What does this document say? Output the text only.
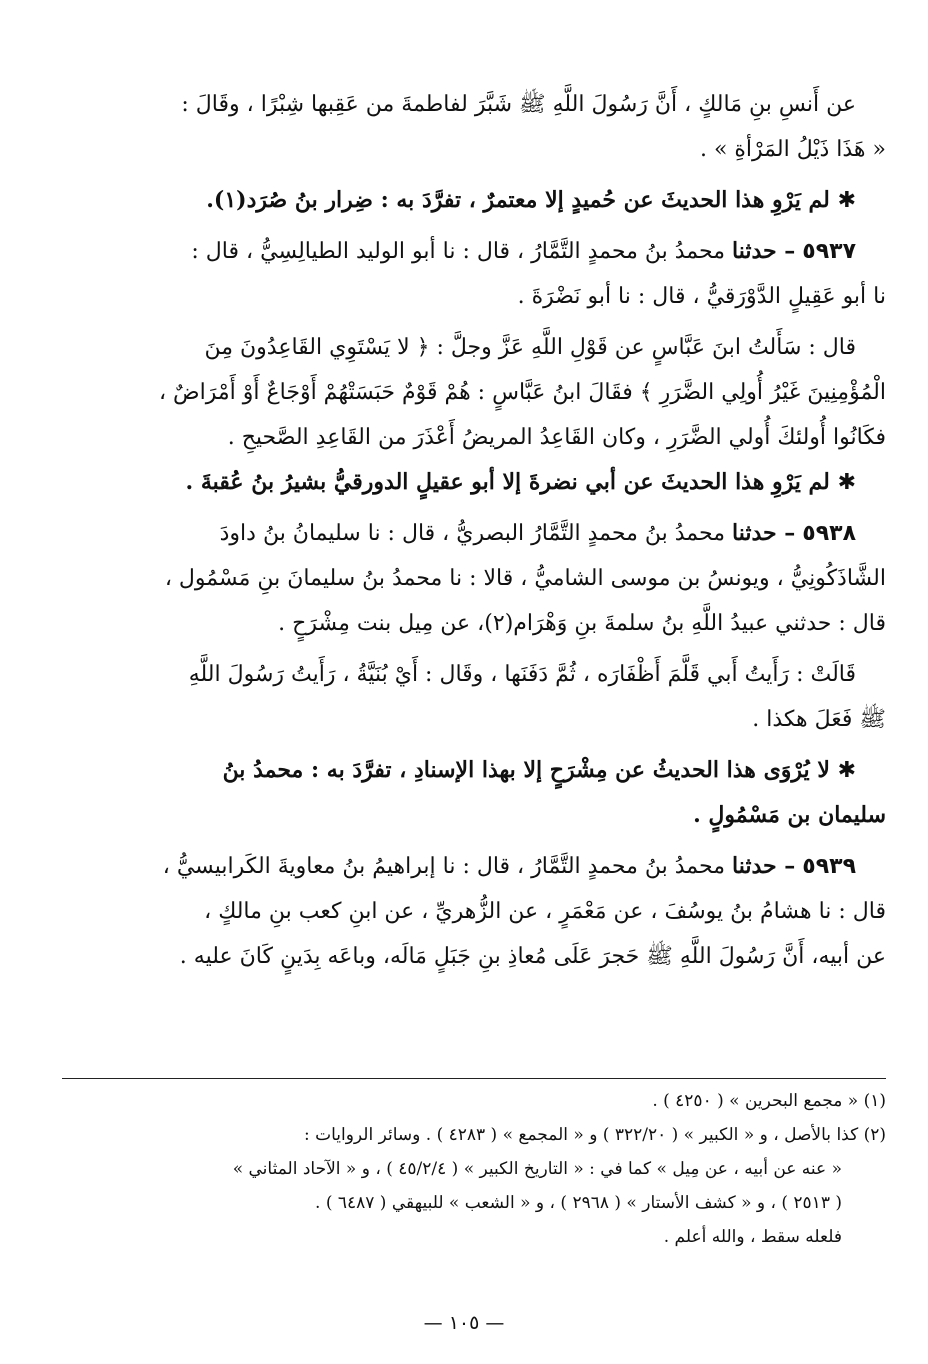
عن أَنسِ بنِ مَالكٍ ، أَنَّ رَسُولَ اللَّهِ ﷺ شَبَّرَ لفاطمةَ من عَقِبها شِبْرًا ، وقَالَ :
« هَذَا ذَيْلُ المَرْأةِ » .
✱ لم يَرْوِ هذا الحديثَ عن حُميدٍ إلا معتمرٌ ، تفرَّدَ به : ضِرار بنُ صُرَد(١).
٥٩٣٧ – حدثنا محمدُ بنُ محمدٍ التَّمَّارُ ، قال : نا أبو الوليد الطيالِسِيُّ ، قال :
نا أبو عَقِيلٍ الدَّوْرَقيُّ ، قال : نا أبو نَضْرَةَ .
قال : سَأَلتُ ابنَ عَبَّاسٍ عن قَوْلِ اللَّهِ عَزَّ وجلَّ : ﴿ لا يَسْتَوِي القَاعِدُونَ مِنَ
الْمُؤْمِنِينَ غَيْرُ أُولِي الضَّرَرِ ﴾ فقَالَ ابنُ عَبَّاسٍ : هُمْ قَوْمٌ حَبَسَتْهُمْ أَوْجَاعٌ أَوْ أَمْرَاضٌ ،
فكَانُوا أُولئكَ أُولي الضَّرَرِ ، وكان القَاعِدُ المريضُ أَعْذَرَ من القَاعِدِ الصَّحيحِ .
✱ لم يَرْوِ هذا الحديثَ عن أبي نضرةَ إلا أبو عقيلٍ الدورقيُّ بشيرُ بنُ عُقبةَ .
٥٩٣٨ – حدثنا محمدُ بنُ محمدٍ التَّمَّارُ البصريُّ ، قال : نا سليمانُ بنُ داودَ
الشَّاذَكُونِيُّ ، ويونسُ بن موسى الشاميُّ ، قالا : نا محمدُ بنُ سليمانَ بنِ مَسْمُول ،
قال : حدثني عبيدُ اللَّهِ بنُ سلمةَ بنِ وَهْرَام(٢)، عن مِيل بنت مِشْرَحٍ .
قَالَتْ : رَأَيتُ أَبي قَلَّمَ أَظْفَارَه ، ثُمَّ دَفَنَها ، وقَال : أَيْ بُنَيَّةُ ، رَأَيتُ رَسُولَ اللَّهِ
ﷺ فَعَلَ هكذا .
✱ لا يُرْوَى هذا الحديثُ عن مِشْرَحٍ إلا بهذا الإسنادِ ، تفرَّدَ به : محمدُ بنُ
سليمان بن مَسْمُولٍ .
٥٩٣٩ – حدثنا محمدُ بنُ محمدٍ التَّمَّارُ ، قال : نا إبراهيمُ بنُ معاويةَ الكَرابيسيُّ ،
قال : نا هشامُ بنُ يوسُفَ ، عن مَعْمَرٍ ، عن الزُّهريِّ ، عن ابنِ كعب بنِ مالكٍ ،
عن أبيه، أَنَّ رَسُولَ اللَّهِ ﷺ حَجرَ عَلَى مُعاذِ بنِ جَبَلٍ مَالَه، وباعَه بِدَينٍ كَانَ عليه .
(١) « مجمع البحرين » ( ٤٢٥٠ ) .
(٢) كذا بالأصل ، و « الكبير » ( ٣٢٢/٢٠ ) و « المجمع » ( ٤٢٨٣ ) . وسائر الروايات :
« عنه عن أبيه ، عن مِيل » كما في : « التاريخ الكبير » ( ٤٥/٢/٤ ) ، و « الآحاد المثاني »
( ٢٥١٣ ) ، و « كشف الأستار » ( ٢٩٦٨ ) ، و « الشعب » للبيهقي ( ٦٤٨٧ ) .
فلعله سقط ، والله أعلم .
— ١٠٥ —
